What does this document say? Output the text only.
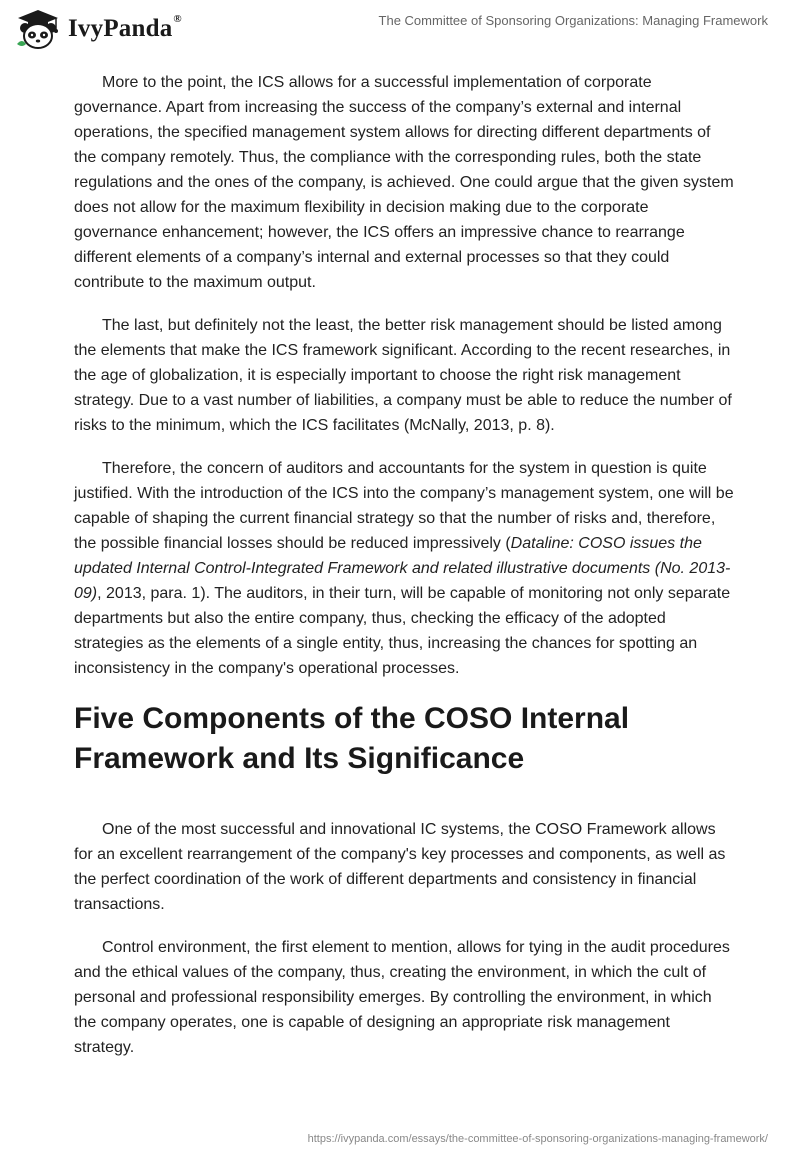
IvyPanda®	The Committee of Sponsoring Organizations: Managing Framework

More to the point, the ICS allows for a successful implementation of corporate governance. Apart from increasing the success of the company’s external and internal operations, the specified management system allows for directing different departments of the company remotely. Thus, the compliance with the corresponding rules, both the state regulations and the ones of the company, is achieved. One could argue that the given system does not allow for the maximum flexibility in decision making due to the corporate governance enhancement; however, the ICS offers an impressive chance to rearrange different elements of a company’s internal and external processes so that they could contribute to the maximum output.

The last, but definitely not the least, the better risk management should be listed among the elements that make the ICS framework significant. According to the recent researches, in the age of globalization, it is especially important to choose the right risk management strategy. Due to a vast number of liabilities, a company must be able to reduce the number of risks to the minimum, which the ICS facilitates (McNally, 2013, p. 8).

Therefore, the concern of auditors and accountants for the system in question is quite justified. With the introduction of the ICS into the company’s management system, one will be capable of shaping the current financial strategy so that the number of risks and, therefore, the possible financial losses should be reduced impressively (Dataline: COSO issues the updated Internal Control-Integrated Framework and related illustrative documents (No. 2013-09), 2013, para. 1). The auditors, in their turn, will be capable of monitoring not only separate departments but also the entire company, thus, checking the efficacy of the adopted strategies as the elements of a single entity, thus, increasing the chances for spotting an inconsistency in the company's operational processes.

Five Components of the COSO Internal Framework and Its Significance

One of the most successful and innovational IC systems, the COSO Framework allows for an excellent rearrangement of the company's key processes and components, as well as the perfect coordination of the work of different departments and consistency in financial transactions.

Control environment, the first element to mention, allows for tying in the audit procedures and the ethical values of the company, thus, creating the environment, in which the cult of personal and professional responsibility emerges. By controlling the environment, in which the company operates, one is capable of designing an appropriate risk management strategy.

https://ivypanda.com/essays/the-committee-of-sponsoring-organizations-managing-framework/
